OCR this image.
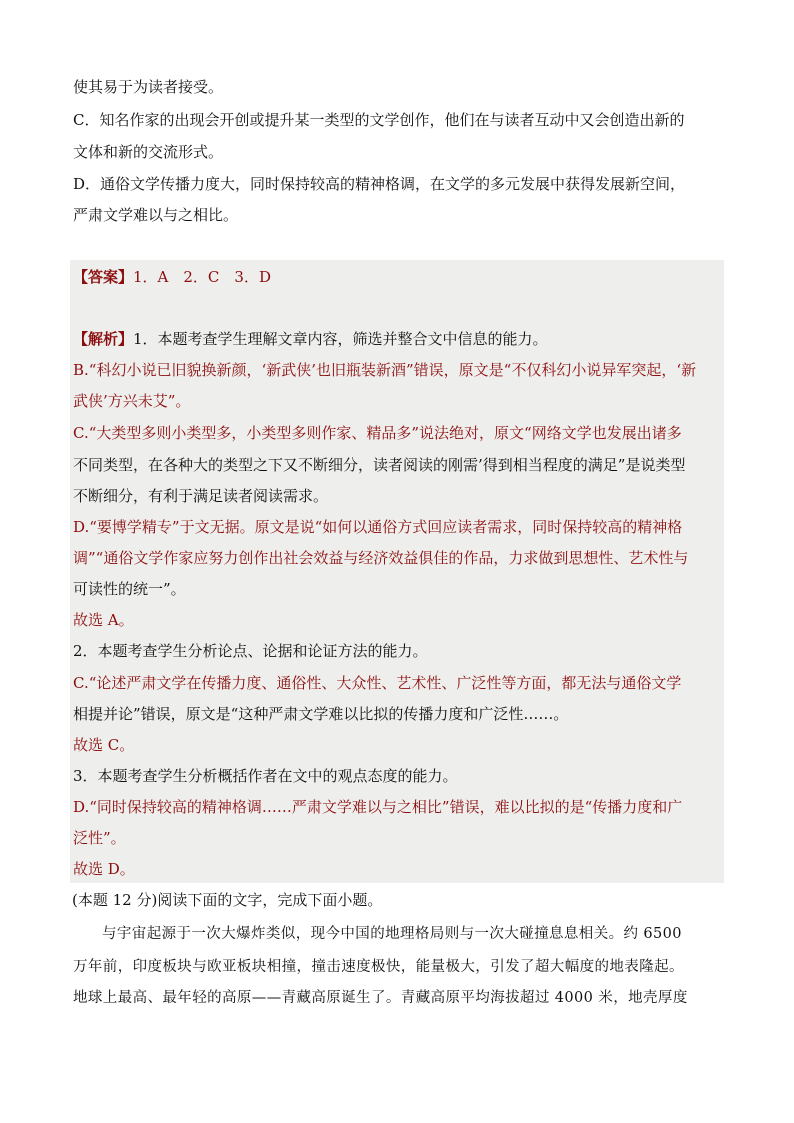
使其易于为读者接受。
C．知名作家的出现会开创或提升某一类型的文学创作，他们在与读者互动中又会创造出新的
文体和新的交流形式。
D．通俗文学传播力度大，同时保持较高的精神格调，在文学的多元发展中获得发展新空间，
严肃文学难以与之相比。
【答案】1．A　2．C　3．D
【解析】1．本题考查学生理解文章内容，筛选并整合文中信息的能力。
B.“科幻小说已旧貌换新颜，‘新武侠’也旧瓶装新酒”错误，原文是“不仅科幻小说异军突起，‘新
武侠’方兴未艾”。
C.“大类型多则小类型多，小类型多则作家、精品多”说法绝对，原文“网络文学也发展出诸多
不同类型，在各种大的类型之下又不断细分，读者阅读的刚需’得到相当程度的满足”是说类型
不断细分，有利于满足读者阅读需求。
D.“要博学精专”于文无据。原文是说“如何以通俗方式回应读者需求，同时保持较高的精神格
调”“通俗文学作家应努力创作出社会效益与经济效益俱佳的作品，力求做到思想性、艺术性与
可读性的统一”。
故选 A。
2．本题考查学生分析论点、论据和论证方法的能力。
C.“论述严肃文学在传播力度、通俗性、大众性、艺术性、广泛性等方面，都无法与通俗文学
相提并论”错误，原文是“这种严肃文学难以比拟的传播力度和广泛性……。
故选 C。
3．本题考查学生分析概括作者在文中的观点态度的能力。
D.“同时保持较高的精神格调……严肃文学难以与之相比”错误，难以比拟的是“传播力度和广
泛性”。
故选 D。
(本题 12 分)阅读下面的文字，完成下面小题。
与宇宙起源于一次大爆炸类似，现今中国的地理格局则与一次大碰撞息息相关。约 6500
万年前，印度板块与欧亚板块相撞，撞击速度极快，能量极大，引发了超大幅度的地表隆起。
地球上最高、最年轻的高原——青藏高原诞生了。青藏高原平均海拔超过 4000 米，地壳厚度
